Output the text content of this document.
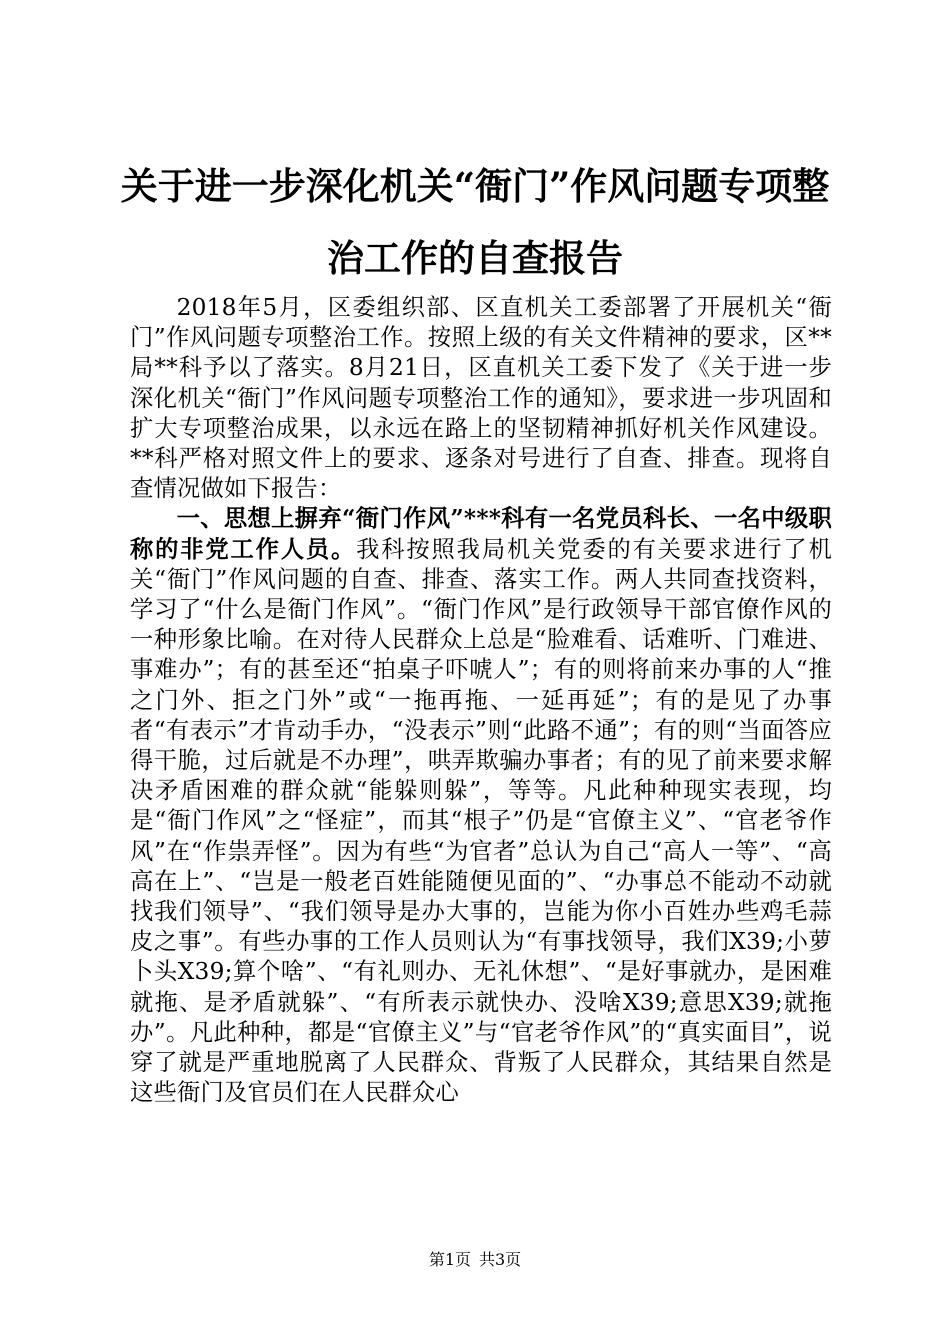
关于进一步深化机关“衙门”作风问题专项整治工作的自查报告

2018年5月，区委组织部、区直机关工委部署了开展机关“衙门”作风问题专项整治工作。按照上级的有关文件精神的要求，区**局**科予以了落实。8月21日，区直机关工委下发了《关于进一步深化机关“衙门”作风问题专项整治工作的通知》，要求进一步巩固和扩大专项整治成果，以永远在路上的坚韧精神抓好机关作风建设。**科严格对照文件上的要求、逐条对号进行了自查、排查。现将自查情况做如下报告：

一、思想上摒弃“衙门作风”***科有一名党员科长、一名中级职称的非党工作人员。我科按照我局机关党委的有关要求进行了机关“衙门”作风问题的自查、排查、落实工作。两人共同查找资料，学习了“什么是衙门作风”。“衙门作风”是行政领导干部官僚作风的一种形象比喻。在对待人民群众上总是“脸难看、话难听、门难进、事难办”；有的甚至还“拍桌子吓唬人”；有的则将前来办事的人“推之门外、拒之门外”或“一拖再拖、一延再延”；有的是见了办事者“有表示”才肯动手办，“没表示”则“此路不通”；有的则“当面答应得干脆，过后就是不办理”，哄弄欺骗办事者；有的见了前来要求解决矛盾困难的群众就“能躲则躲”，等等。凡此种种现实表现，均是“衙门作风”之“怪症”，而其“根子”仍是“官僚主义”、“官老爷作风”在“作祟弄怪”。因为有些“为官者”总认为自己“高人一等”、“高高在上”、“岂是一般老百姓能随便见面的”、“办事总不能动不动就找我们领导”、“我们领导是办大事的，岂能为你小百姓办些鸡毛蒜皮之事”。有些办事的工作人员则认为“有事找领导，我们X39;小萝卜头X39;算个啥”、“有礼则办、无礼休想”、“是好事就办，是困难就拖、是矛盾就躲”、“有所表示就快办、没啥X39;意思X39;就拖办”。凡此种种，都是“官僚主义”与“官老爷作风”的“真实面目”，说穿了就是严重地脱离了人民群众、背叛了人民群众，其结果自然是这些衙门及官员们在人民群众心

第1页 共3页
